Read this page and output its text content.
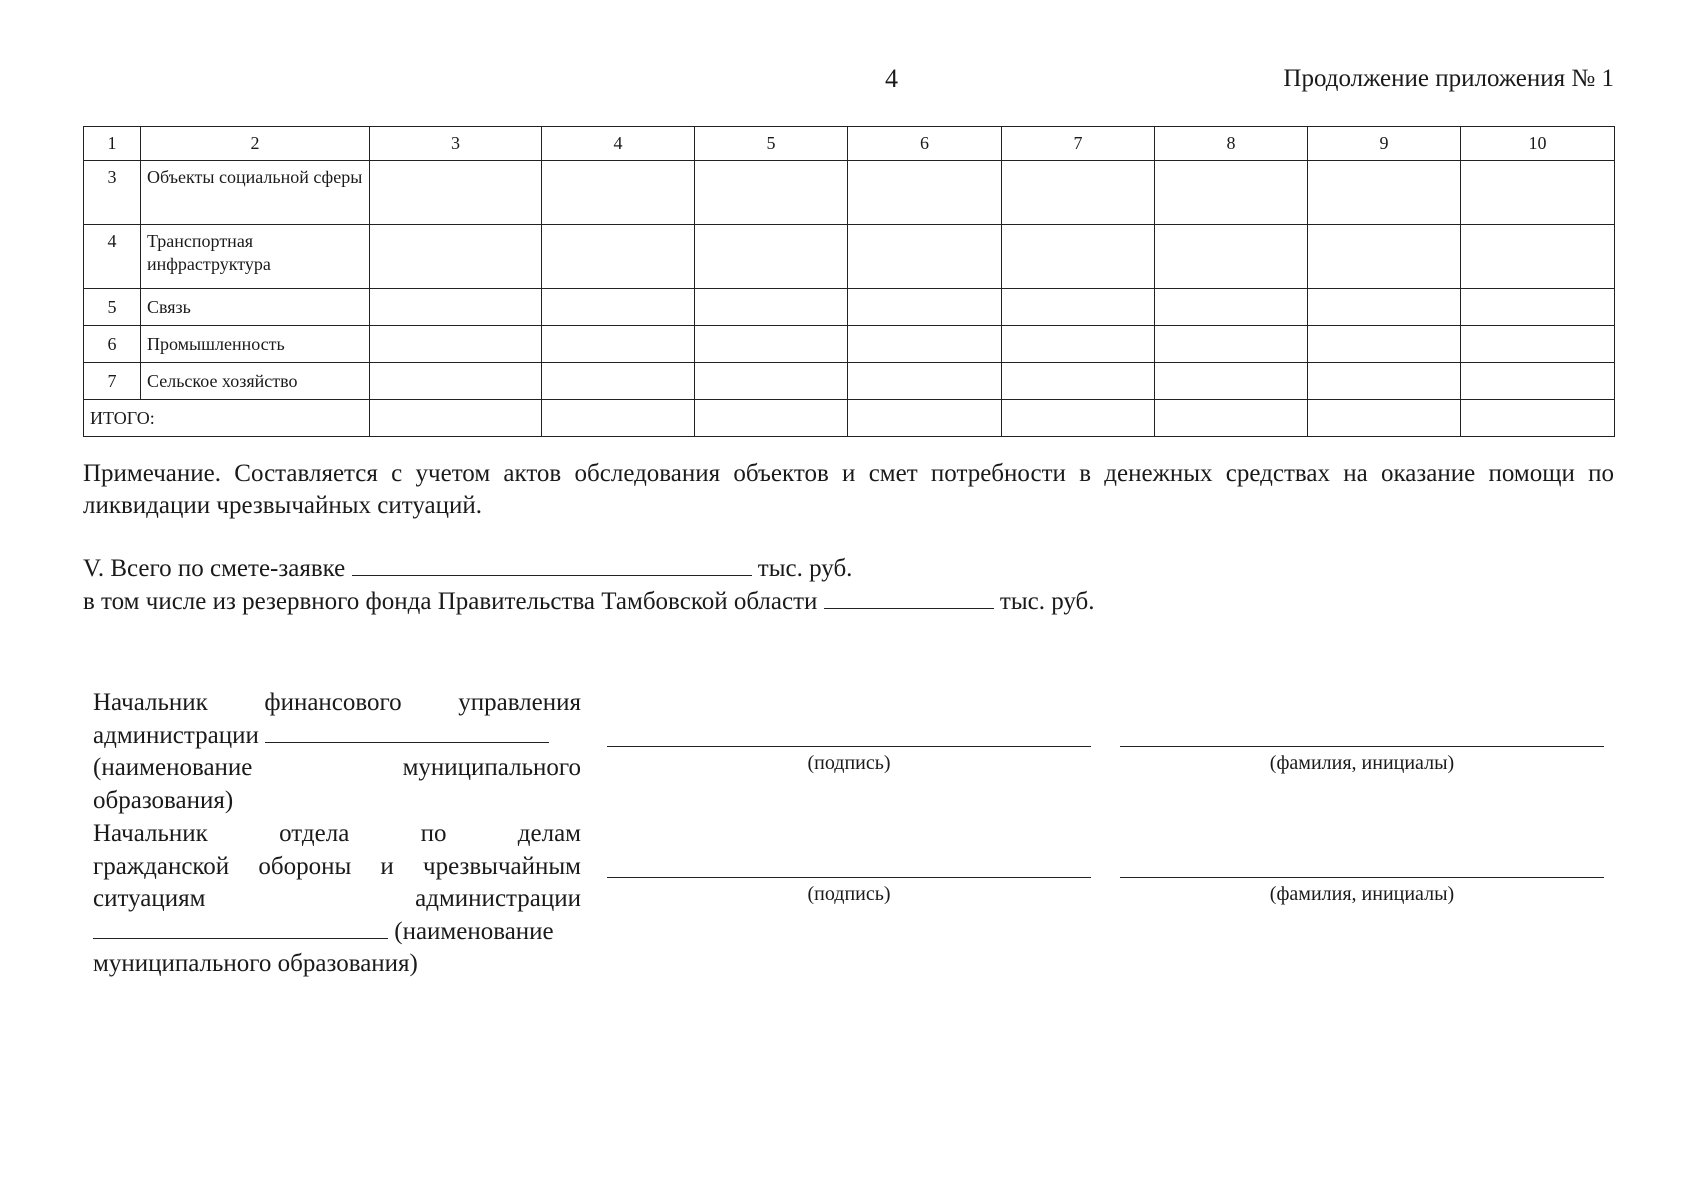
4	Продолжение приложения № 1
1	2	3	4	5	6	7	8	9	10
3	Объекты социальной сферы								
4	Транспортная инфраструктура								
5	Связь								
6	Промышленность								
7	Сельское хозяйство								
ИТОГО:									
Примечание. Составляется с учетом актов обследования объектов и смет потребности в денежных средствах на оказание помощи по ликвидации чрезвычайных ситуаций.
V. Всего по смете-заявке	тыс. руб.
в том числе из резервного фонда Правительства Тамбовской области	тыс. руб.
Начальник финансового управления
администрации
(наименование муниципального
образования)
(подпись)	(фамилия, инициалы)
Начальник отдела по делам
гражданской обороны и чрезвычайным
ситуациям администрации
(наименование
муниципального образования)
(подпись)	(фамилия, инициалы)
